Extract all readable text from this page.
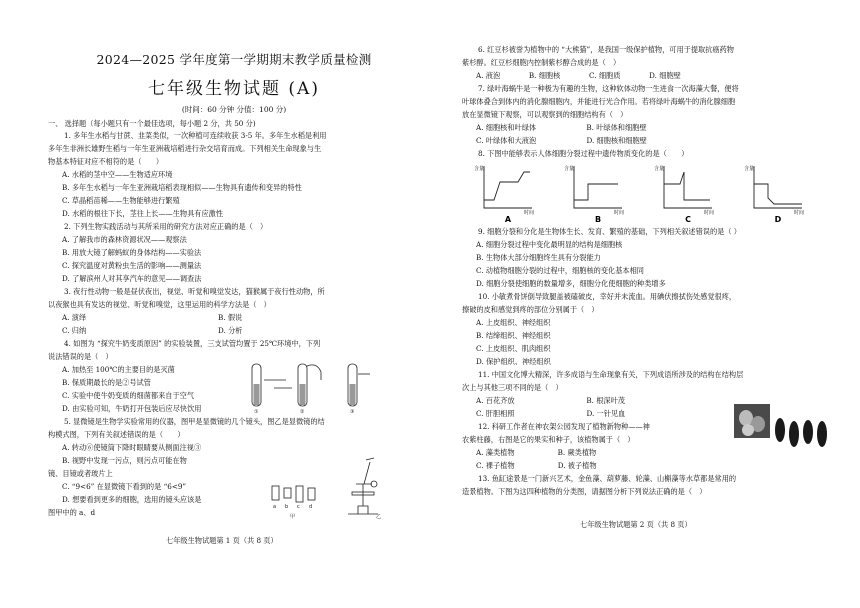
2024—2025 学年度第一学期期末教学质量检测
七年级生物试题 (A)
(时间：60 分钟 分值：100 分)
一、 选择题（每小题只有一个最佳选项，每小题 2 分，共 50 分)
1. 多年生水稻与甘蔗、韭菜类似，一次种植可连续收获 3-5 年。多年生水稻是利用
多年生非洲长雄野生稻与一年生亚洲栽培稻进行杂交培育而成。下列相关生命现象与生
物基本特征对应不相符的是（　　）
A. 水稻的茎中空——生物适应环境
B. 多年生水稻与一年生亚洲栽培稻表现相似——生物具有遗传和变异的特性
C. 草晶稻苗稀——生物能够进行繁殖
D. 水稻的根往下长，茎往上长——生物具有应激性
2. 下列生物实践活动与其所采用的研究方法对应正确的是（　）
A. 了解我市的森林资源状况——观察法
B. 用放大镜了解蚂蚁的身体结构——实验法
C. 探究温度对黄粉虫生活的影响——测量法
D. 了解滨州人对其享汽车的意见——调查法
3. 夜行性动物一般是昼伏夜出，视觉、听觉和嗅觉发达，猫猴属于夜行性动物，所
以夜猴也具有发达的视觉、听觉和嗅觉，这里运用的科学方法是（　）
A. 演绎	B. 假说
C. 归纳	D. 分析
4. 如图为 “探究牛奶变质原因” 的实验装置，三支试管均置于 25℃环境中，下列
说法错误的是（　）
A. 加热至 100℃的主要目的是灭菌
B. 保质期最长的是②号试管
C. 实验中使牛奶变质的细菌都来自于空气
D. 由实验可知，牛奶打开包装后应尽快饮用
5. 显微镜是生物学实验常用的仪器，图甲是显微镜的几个镜头，图乙是显微镜的结
构模式图，下列有关叙述错误的是（　　）
A. 转动⑥使镜筒下降时眼睛要从侧面注视③
B. 视野中发现一污点，则污点可能在物
镜、目镜或者玻片上
C. “9<6” 在显微镜下看到的是 “6<9”
D. 想要看到更多的细胞，选用的镜头应该是
图甲中的 a、d
①	②	③
a b c d
甲	乙
七年级生物试题第 1 页（共 8 页）
6. 红豆杉被誉为植物中的 “大熊猫”，是我国一级保护植物，可用于提取抗癌药物
紫杉醇。红豆杉细胞内控制紫杉醇合成的是（　）
A. 液泡　　　　B. 细胞核　　　　C. 细胞质　　　　D. 细胞壁
7. 绿叶海蜗牛是一种极为有趣的生物，这种软体动物一生进食一次海藻大餐，便将
叶球体叠合到体内的消化腺细胞内，并能进行光合作用。若将绿叶海蜗牛的消化腺细胞
放在显微镜下观察，可以观察到的细胞结构有（　）
A. 细胞核和叶绿体　　　　　　　B. 叶绿体和细胞壁
C. 叶绿体和大液泡　　　　　　　D. 细胞核和细胞壁
8. 下图中能够表示人体细胞分裂过程中遗传物质变化的是（　　）
含量	含量	含量	含量
时间	时间	时间	时间
A	B	C	D
9. 细胞分裂和分化是生物体生长、发育、繁殖的基础，下列相关叙述错误的是（ ）
A. 细胞分裂过程中变化最明显的结构是细胞核
B. 生物体大部分细胞终生具有分裂能力
C. 动植物细胞分裂的过程中，细胞核的变化基本相同
D. 细胞分裂使细胞的数量增多，细胞分化使细胞的种类增多
10. 小敏煮骨饼倒导致腿盖被磕破皮，幸好并未流血。用碘伏擦拭伤处感觉很疼，
擦破的皮和感觉到疼的部位分别属于（　）
A. 上皮组织、神经组织
B. 结缔组织、神经组织
C. 上皮组织、肌肉组织
D. 保护组织、神经组织
11. 中国文化博大精深，许多成语与生命现象有关，下列成语所涉及的结构在结构层
次上与其他三项不同的是（　）
A. 百花齐放　　　　　　　　　　B. 根深叶茂
C. 肝胆相照　　　　　　　　　　D. 一针见血
12. 科研工作者在神农架公园发现了植物新物种——神
农紫柱藤，右图是它的果实和种子，该植物属于（　）
A. 藻类植物　　　　　　B. 蕨类植物
C. 裸子植物　　　　　　D. 被子植物
13. 鱼缸途景是一门新兴艺术，金鱼藻、葫萝藤、轮藻、山槲藻等水草都是常用的
造景植物。下图为这四种植物的分类图，请据图分析下列说法正确的是（　）
七年级生物试题第 2 页（共 8 页）
